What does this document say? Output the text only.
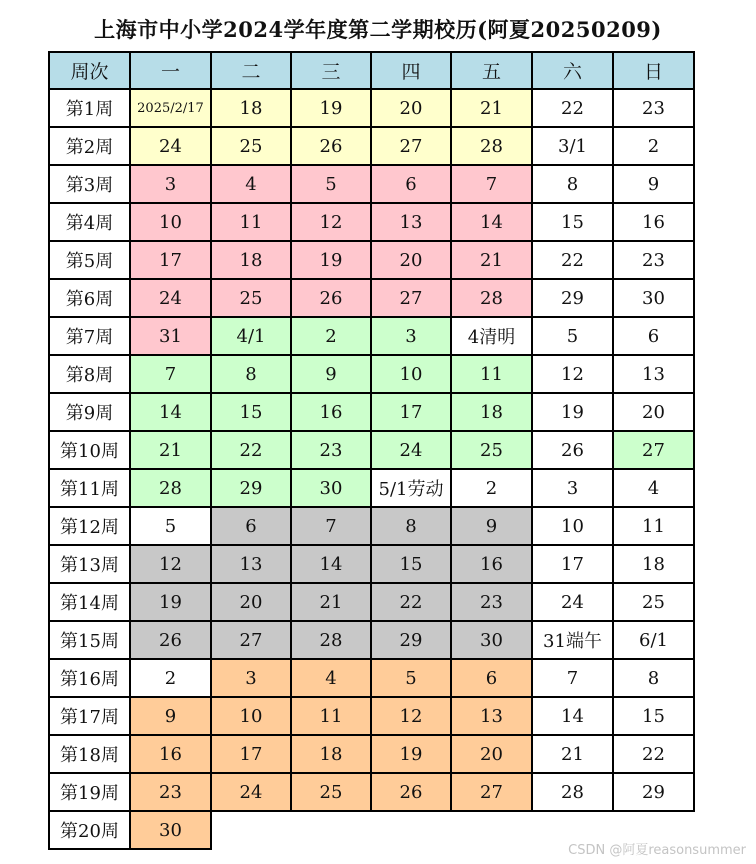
上海市中小学2024学年度第二学期校历(阿夏20250209)
周次	一	二	三	四	五	六	日
第1周	2025/2/17	18	19	20	21	22	23
第2周	24	25	26	27	28	3/1	2
第3周	3	4	5	6	7	8	9
第4周	10	11	12	13	14	15	16
第5周	17	18	19	20	21	22	23
第6周	24	25	26	27	28	29	30
第7周	31	4/1	2	3	4清明	5	6
第8周	7	8	9	10	11	12	13
第9周	14	15	16	17	18	19	20
第10周	21	22	23	24	25	26	27
第11周	28	29	30	5/1劳动	2	3	4
第12周	5	6	7	8	9	10	11
第13周	12	13	14	15	16	17	18
第14周	19	20	21	22	23	24	25
第15周	26	27	28	29	30	31端午	6/1
第16周	2	3	4	5	6	7	8
第17周	9	10	11	12	13	14	15
第18周	16	17	18	19	20	21	22
第19周	23	24	25	26	27	28	29
第20周	30						
CSDN @阿夏reasonsummer
